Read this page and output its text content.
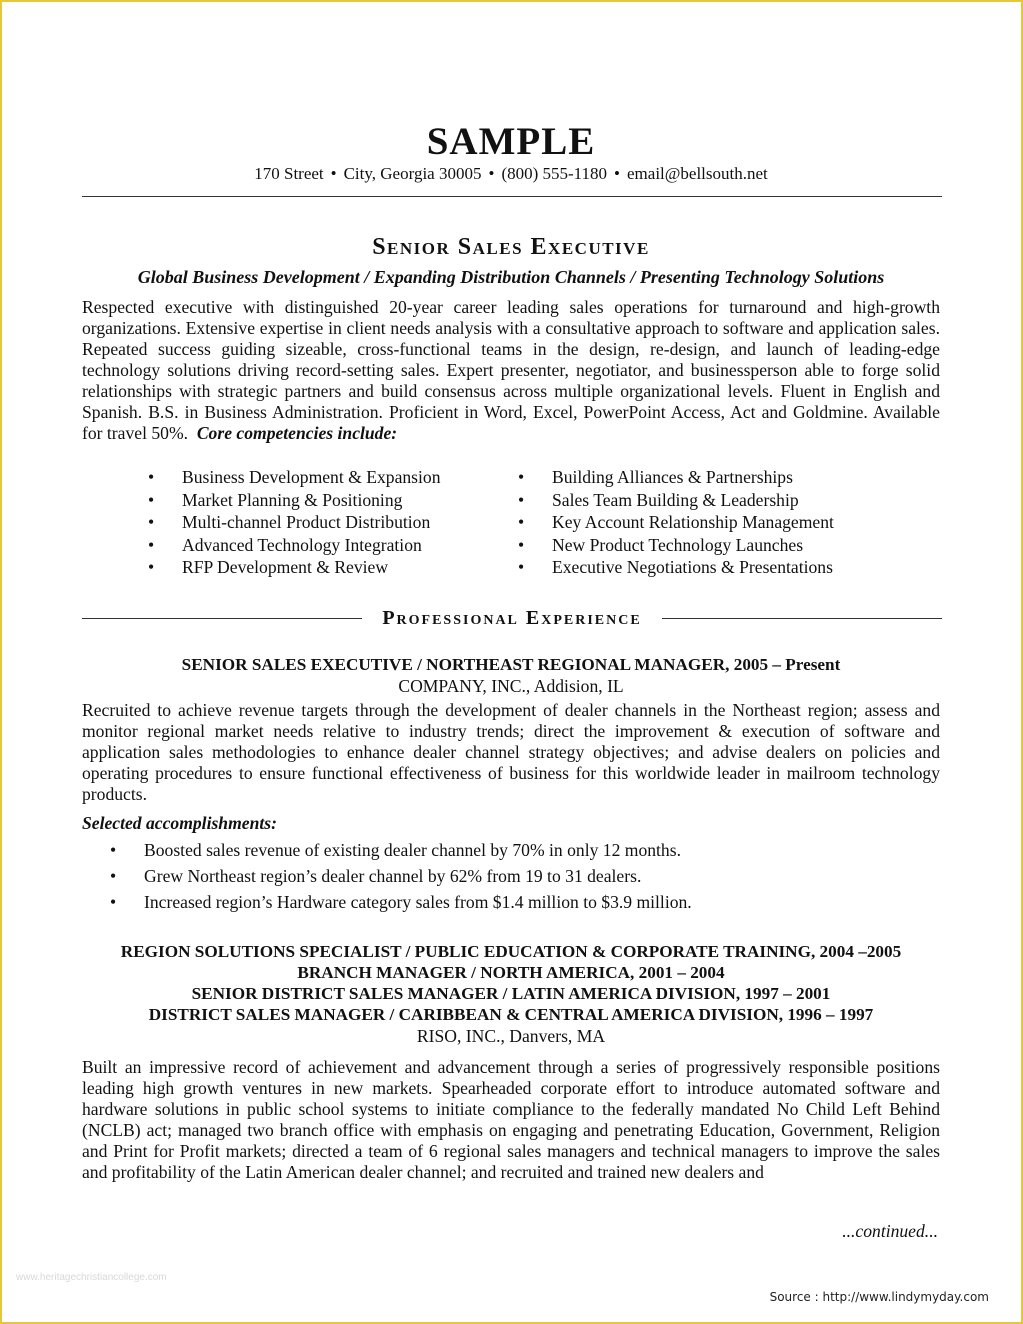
SAMPLE
170 Street • City, Georgia 30005 • (800) 555-1180 • email@bellsouth.net
Senior Sales Executive
Global Business Development / Expanding Distribution Channels / Presenting Technology Solutions
Respected executive with distinguished 20-year career leading sales operations for turnaround and high-growth organizations. Extensive expertise in client needs analysis with a consultative approach to software and application sales. Repeated success guiding sizeable, cross-functional teams in the design, re-design, and launch of leading-edge technology solutions driving record-setting sales. Expert presenter, negotiator, and businessperson able to forge solid relationships with strategic partners and build consensus across multiple organizational levels. Fluent in English and Spanish. B.S. in Business Administration. Proficient in Word, Excel, PowerPoint Access, Act and Goldmine. Available for travel 50%. Core competencies include:
• Business Development & Expansion
• Market Planning & Positioning
• Multi-channel Product Distribution
• Advanced Technology Integration
• RFP Development & Review
• Building Alliances & Partnerships
• Sales Team Building & Leadership
• Key Account Relationship Management
• New Product Technology Launches
• Executive Negotiations & Presentations
Professional Experience
SENIOR SALES EXECUTIVE / NORTHEAST REGIONAL MANAGER, 2005 – Present
COMPANY, INC., Addision, IL
Recruited to achieve revenue targets through the development of dealer channels in the Northeast region; assess and monitor regional market needs relative to industry trends; direct the improvement & execution of software and application sales methodologies to enhance dealer channel strategy objectives; and advise dealers on policies and operating procedures to ensure functional effectiveness of business for this worldwide leader in mailroom technology products.
Selected accomplishments:
• Boosted sales revenue of existing dealer channel by 70% in only 12 months.
• Grew Northeast region’s dealer channel by 62% from 19 to 31 dealers.
• Increased region’s Hardware category sales from $1.4 million to $3.9 million.
REGION SOLUTIONS SPECIALIST / PUBLIC EDUCATION & CORPORATE TRAINING, 2004 –2005
BRANCH MANAGER / NORTH AMERICA, 2001 – 2004
SENIOR DISTRICT SALES MANAGER / LATIN AMERICA DIVISION, 1997 – 2001
DISTRICT SALES MANAGER / CARIBBEAN & CENTRAL AMERICA DIVISION, 1996 – 1997
RISO, INC., Danvers, MA
Built an impressive record of achievement and advancement through a series of progressively responsible positions leading high growth ventures in new markets. Spearheaded corporate effort to introduce automated software and hardware solutions in public school systems to initiate compliance to the federally mandated No Child Left Behind (NCLB) act; managed two branch office with emphasis on engaging and penetrating Education, Government, Religion and Print for Profit markets; directed a team of 6 regional sales managers and technical managers to improve the sales and profitability of the Latin American dealer channel; and recruited and trained new dealers and
...continued...
www.heritagechristiancollege.com
Source : http://www.lindymyday.com
